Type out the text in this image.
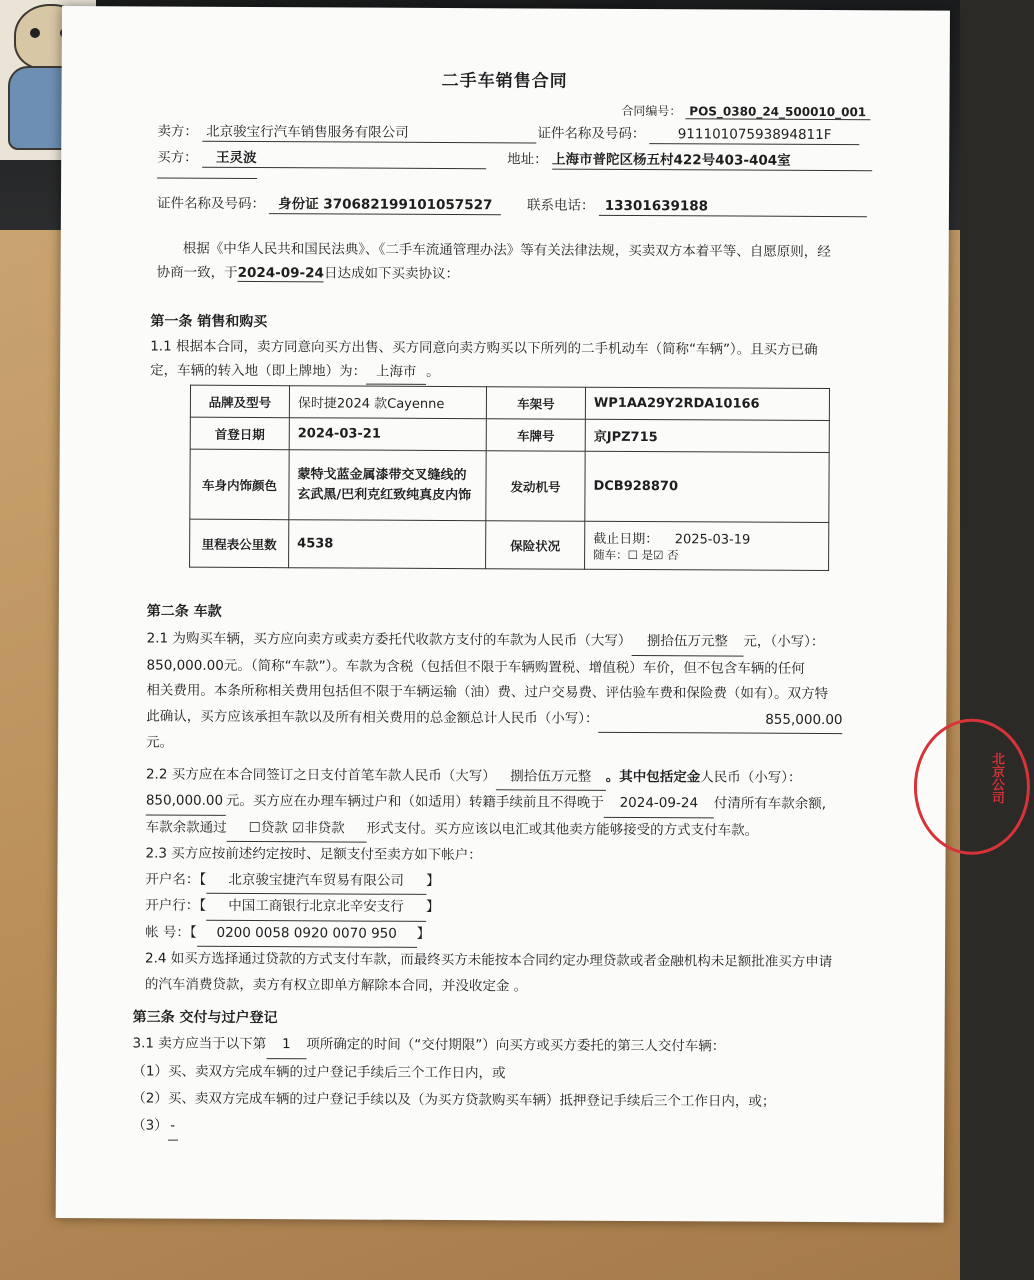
二手车销售合同
合同编号： POS_0380_24_500010_001
卖方： 北京骏宝行汽车销售服务有限公司	证件名称及号码： 91110107593894811F
买方： 王灵波	地址： 上海市普陀区杨五村422号403-404室
证件名称及号码： 身份证 370682199101057527	联系电话： 13301639188
根据《中华人民共和国民法典》、《二手车流通管理办法》等有关法律法规，买卖双方本着平等、自愿原则，经
协商一致，于2024-09-24日达成如下买卖协议：
第一条 销售和购买
1.1 根据本合同，卖方同意向买方出售、买方同意向卖方购买以下所列的二手机动车（简称“车辆”）。且买方已确
定，车辆的转入地（即上牌地）为： 上海市 。
品牌及型号	保时捷2024 款Cayenne	车架号	WP1AA29Y2RDA10166
首登日期	2024-03-21	车牌号	京JPZ715
车身内饰颜色	蒙特戈蓝金属漆带交叉缝线的玄武黑/巴利克红致纯真皮内饰	发动机号	DCB928870
里程表公里数	4538	保险状况	截止日期：    2025-03-19
随车：☐ 是☑ 否
第二条 车款
2.1 为购买车辆，买方应向卖方或卖方委托代收款方支付的车款为人民币（大写） 捌拾伍万元整 元，（小写）：
850,000.00元。（简称“车款”）。车款为含税（包括但不限于车辆购置税、增值税）车价，但不包含车辆的任何
相关费用。本条所称相关费用包括但不限于车辆运输（油）费、过户交易费、评估验车费和保险费（如有）。双方特
此确认，买方应该承担车款以及所有相关费用的总金额总计人民币（小写）：	855,000.00
元。
2.2 买方应在本合同签订之日支付首笔车款人民币（大写） 捌拾伍万元整 。其中包括定金人民币（小写）：
850,000.00 元。买方应在办理车辆过户和（如适用）转籍手续前且不得晚于 2024-09-24 付清所有车款余额,
车款余款通过 ☐贷款 ☑非贷款 形式支付。买方应该以电汇或其他卖方能够接受的方式支付车款。
2.3 买方应按前述约定按时、足额支付至卖方如下帐户：
开户名：【 北京骏宝捷汽车贸易有限公司 】
开户行：【 中国工商银行北京北辛安支行 】
帐 号：【 0200 0058 0920 0070 950 】
2.4 如买方选择通过贷款的方式支付车款，而最终买方未能按本合同约定办理贷款或者金融机构未足额批准买方申请
的汽车消费贷款，卖方有权立即单方解除本合同，并没收定金 。
第三条 交付与过户登记
3.1 卖方应当于以下第 1 项所确定的时间（“交付期限”）向买方或买方委托的第三人交付车辆：
（1）买、卖双方完成车辆的过户登记手续后三个工作日内，或
（2）买、卖双方完成车辆的过户登记手续以及（为买方贷款购买车辆）抵押登记手续后三个工作日内，或；
（3） -
北京公司
